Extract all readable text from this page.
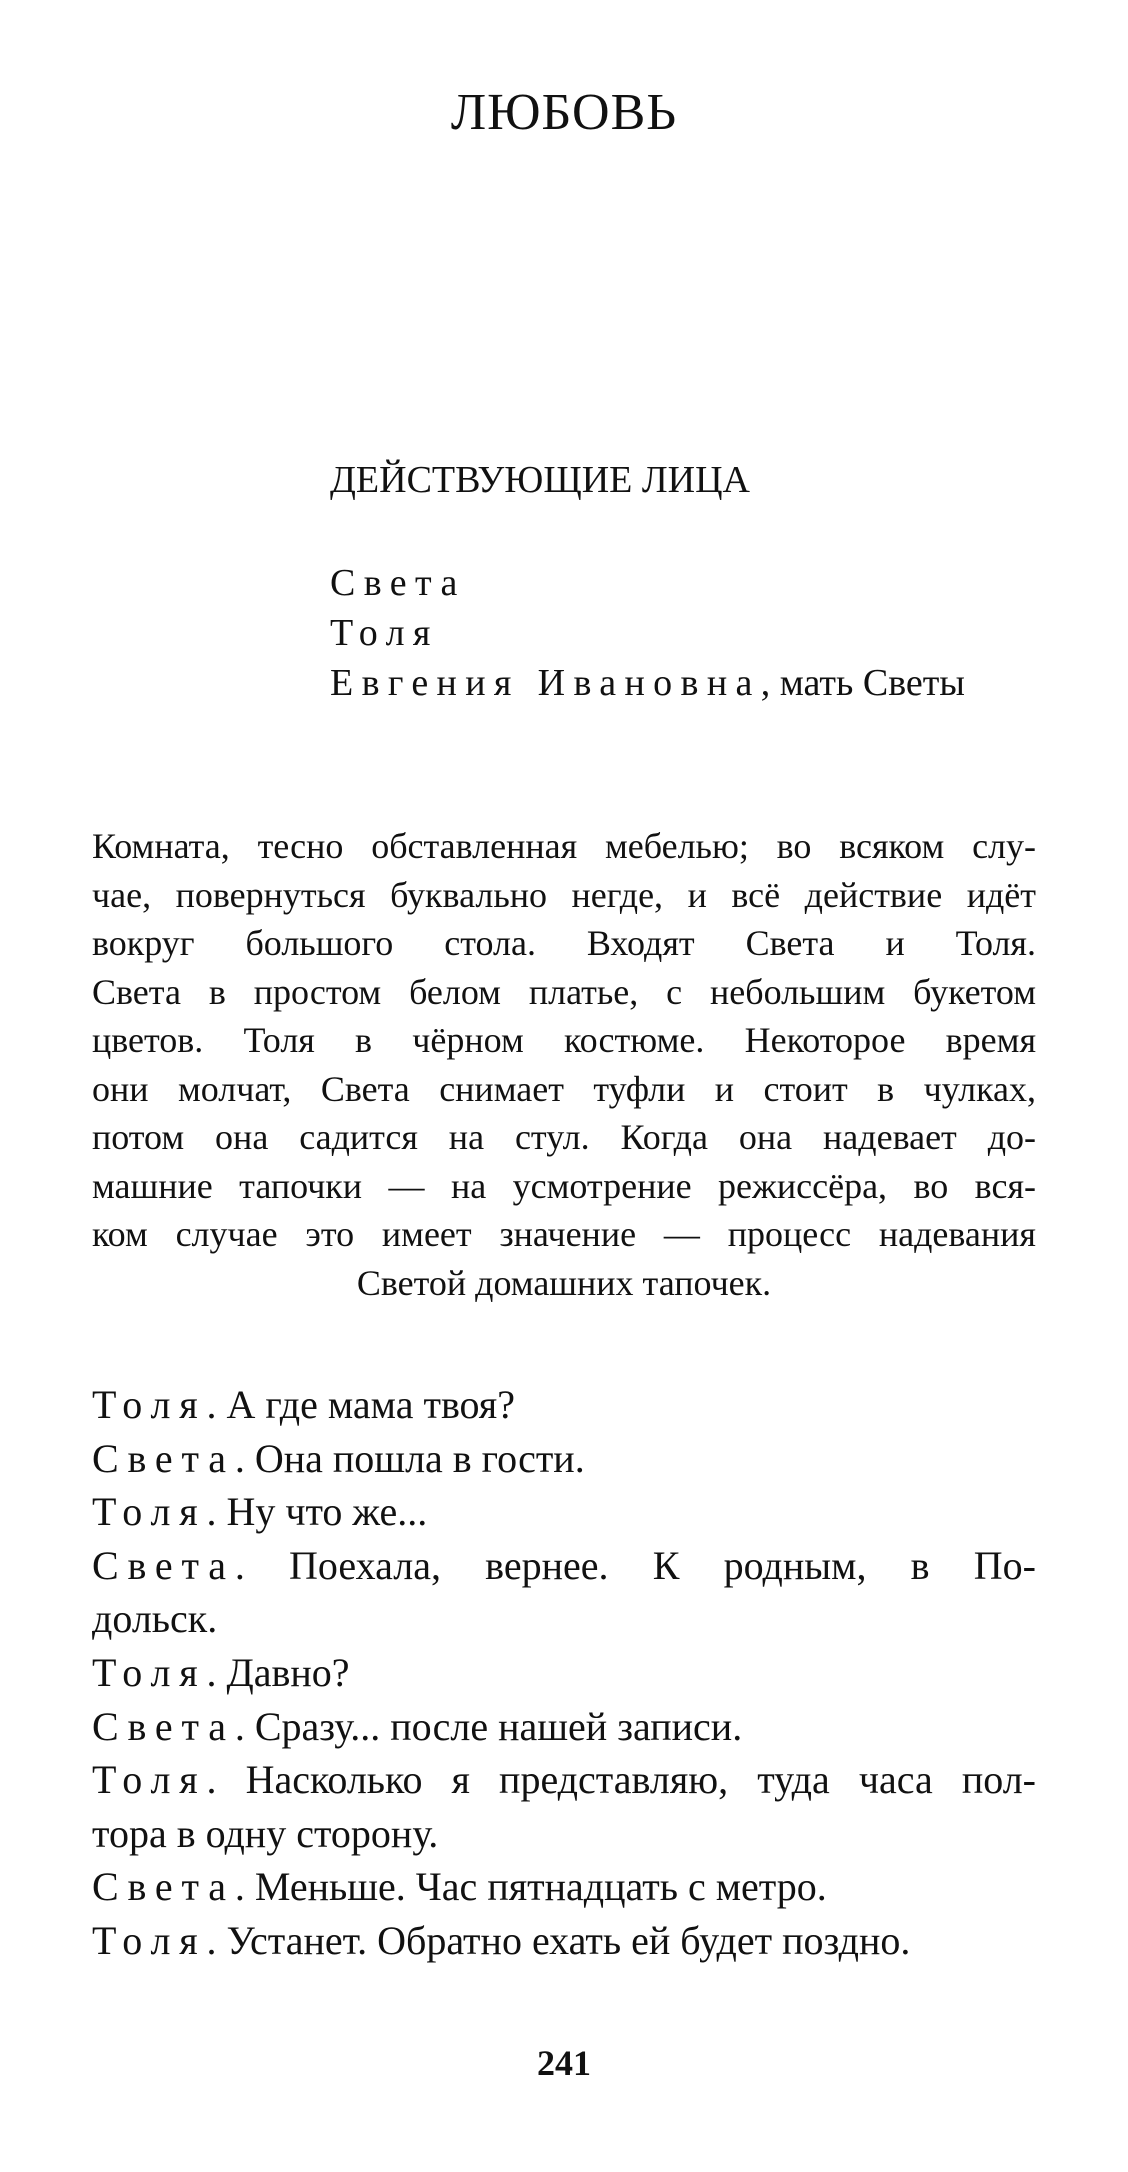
ЛЮБОВЬ
ДЕЙСТВУЮЩИЕ ЛИЦА
Света
Толя
Евгения Ивановна, мать Светы
Комната, тесно обставленная мебелью; во всяком слу-
чае, повернуться буквально негде, и всё действие идёт
вокруг большого стола. Входят Света и Толя.
Света в простом белом платье, с небольшим букетом
цветов. Толя в чёрном костюме. Некоторое время
они молчат, Света снимает туфли и стоит в чулках,
потом она садится на стул. Когда она надевает до-
машние тапочки — на усмотрение режиссёра, во вся-
ком случае это имеет значение — процесс надевания
Светой домашних тапочек.
Толя. А где мама твоя?
Света. Она пошла в гости.
Толя. Ну что же...
Света. Поехала, вернее. К родным, в По-
дольск.
Толя. Давно?
Света. Сразу... после нашей записи.
Толя. Насколько я представляю, туда часа пол-
тора в одну сторону.
Света. Меньше. Час пятнадцать с метро.
Толя. Устанет. Обратно ехать ей будет поздно.
241
